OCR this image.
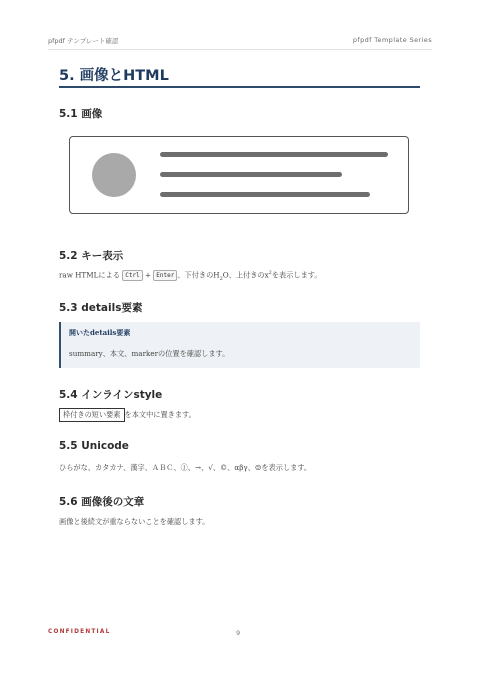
pfpdf テンプレート確認	pfpdf Template Series
5. 画像とHTML
5.1 画像
5.2 キー表示
raw HTMLによる Ctrl + Enter 、下付きの$H_2O$、上付きの$x^2$を表示します。
5.3 details要素
開いたdetails要素
summary、本文、markerの位置を確認します。
5.4 インラインstyle
枠付きの短い要素 を本文中に置きます。
5.5 Unicode
ひらがな、カタカナ、漢字、ＡＢＣ、①、→、√、©、αβγ、☺を表示します。
5.6 画像後の文章
画像と後続文が重ならないことを確認します。
CONFIDENTIAL	9
